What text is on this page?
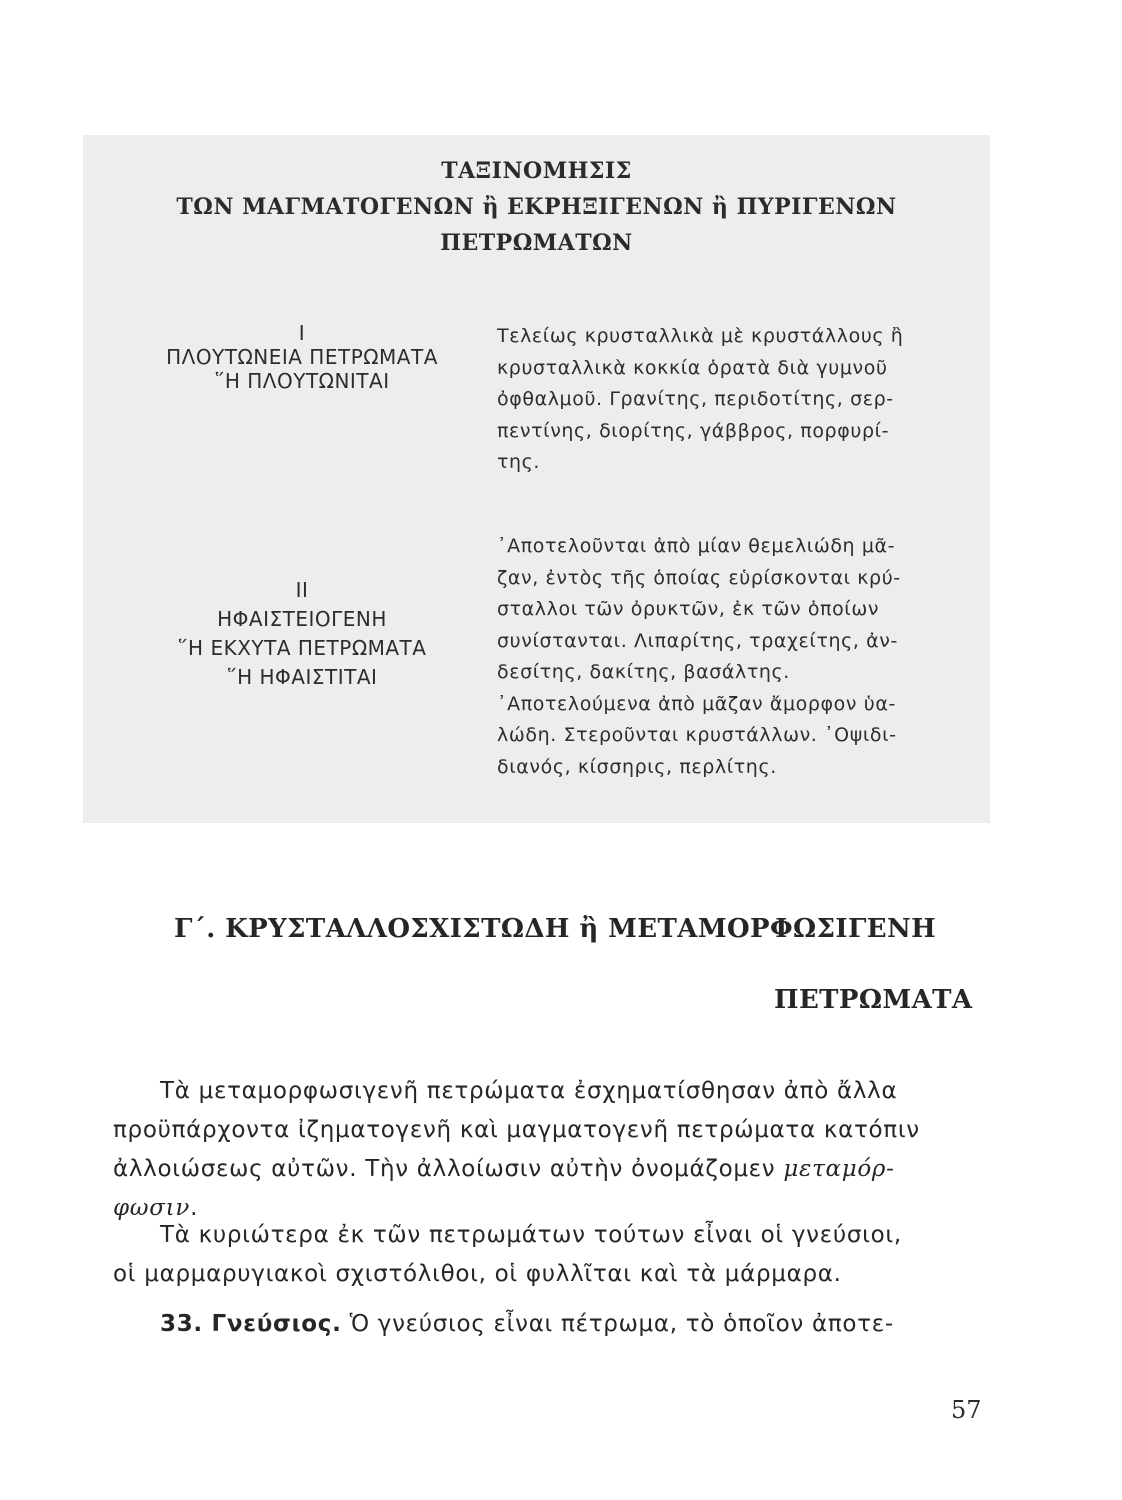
ΤΑΞΙΝΟΜΗΣΙΣ
ΤΩΝ ΜΑΓΜΑΤΟΓΕΝΩΝ ἢ ΕΚΡΗΞΙΓΕΝΩΝ ἢ ΠΥΡΙΓΕΝΩΝ
ΠΕΤΡΩΜΑΤΩΝ
I
ΠΛΟΥΤΩΝΕΙΑ ΠΕΤΡΩΜΑΤΑ
῞Η ΠΛΟΥΤΩΝΙΤΑΙ
Τελείως κρυσταλλικὰ μὲ κρυστάλλους ἢ
κρυσταλλικὰ κοκκία ὁρατὰ διὰ γυμνοῦ
ὀφθαλμοῦ. Γρανίτης, περιδοτίτης, σερ-
πεντίνης, διορίτης, γάββρος, πορφυρί-
της.
II
ΗΦΑΙΣΤΕΙΟΓΕΝΗ
῞Η ΕΚΧΥΤΑ ΠΕΤΡΩΜΑΤΑ
῞Η ΗΦΑΙΣΤΙΤΑΙ
᾿Αποτελοῦνται ἀπὸ μίαν θεμελιώδη μᾶ-
ζαν, ἐντὸς τῆς ὁποίας εὑρίσκονται κρύ-
σταλλοι τῶν ὀρυκτῶν, ἐκ τῶν ὁποίων
συνίστανται. Λιπαρίτης, τραχείτης, ἀν-
δεσίτης, δακίτης, βασάλτης.
᾿Αποτελούμενα ἀπὸ μᾶζαν ἄμορφον ὑα-
λώδη. Στεροῦνται κρυστάλλων. ᾿Οψιδι-
διανός, κίσσηρις, περλίτης.
Γ΄. ΚΡΥΣΤΑΛΛΟΣΧΙΣΤΩΔΗ ἢ ΜΕΤΑΜΟΡΦΩΣΙΓΕΝΗ
ΠΕΤΡΩΜΑΤΑ
Τὰ μεταμορφωσιγενῆ πετρώματα ἐσχηματίσθησαν ἀπὸ ἄλλα
προϋπάρχοντα ἰζηματογενῆ καὶ μαγματογενῆ πετρώματα κατόπιν
ἀλλοιώσεως αὐτῶν. Τὴν ἀλλοίωσιν αὐτὴν ὀνομάζομεν μεταμόρ-
φωσιν.
Τὰ κυριώτερα ἐκ τῶν πετρωμάτων τούτων εἶναι οἱ γνεύσιοι,
οἱ μαρμαρυγιακοὶ σχιστόλιθοι, οἱ φυλλῖται καὶ τὰ μάρμαρα.
33. Γνεύσιος. Ὁ γνεύσιος εἶναι πέτρωμα, τὸ ὁποῖον ἀποτε-
57
